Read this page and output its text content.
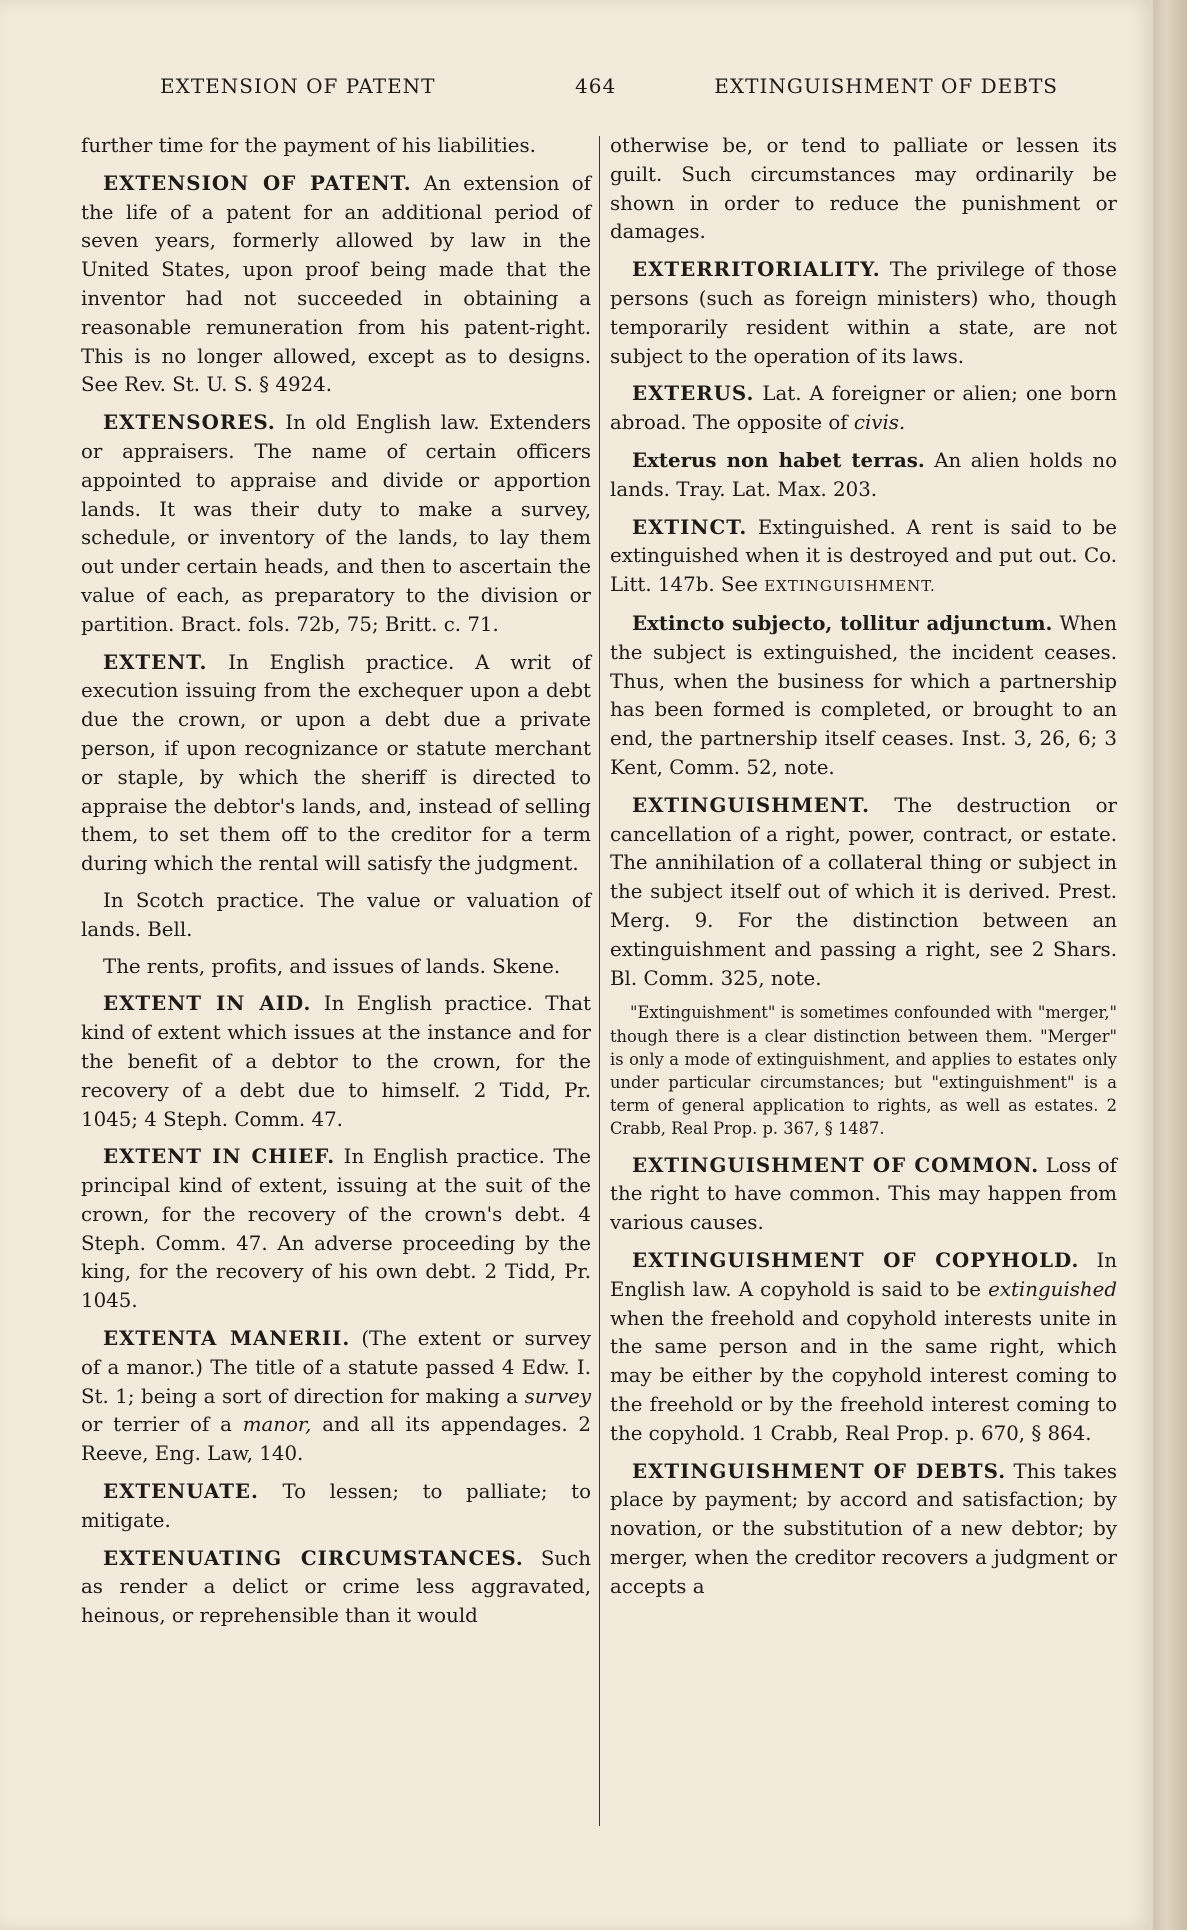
EXTENSION OF PATENT	464	EXTINGUISHMENT OF DEBTS

further time for the payment of his liabilities.

EXTENSION OF PATENT. An extension of the life of a patent for an additional period of seven years, formerly allowed by law in the United States, upon proof being made that the inventor had not succeeded in obtaining a reasonable remuneration from his patent-right. This is no longer allowed, except as to designs. See Rev. St. U. S. § 4924.

EXTENSORES. In old English law. Extenders or appraisers. The name of certain officers appointed to appraise and divide or apportion lands. It was their duty to make a survey, schedule, or inventory of the lands, to lay them out under certain heads, and then to ascertain the value of each, as preparatory to the division or partition. Bract. fols. 72b, 75; Britt. c. 71.

EXTENT. In English practice. A writ of execution issuing from the exchequer upon a debt due the crown, or upon a debt due a private person, if upon recognizance or statute merchant or staple, by which the sheriff is directed to appraise the debtor's lands, and, instead of selling them, to set them off to the creditor for a term during which the rental will satisfy the judgment.

In Scotch practice. The value or valuation of lands. Bell.

The rents, profits, and issues of lands. Skene.

EXTENT IN AID. In English practice. That kind of extent which issues at the instance and for the benefit of a debtor to the crown, for the recovery of a debt due to himself. 2 Tidd, Pr. 1045; 4 Steph. Comm. 47.

EXTENT IN CHIEF. In English practice. The principal kind of extent, issuing at the suit of the crown, for the recovery of the crown's debt. 4 Steph. Comm. 47. An adverse proceeding by the king, for the recovery of his own debt. 2 Tidd, Pr. 1045.

EXTENTA MANERII. (The extent or survey of a manor.) The title of a statute passed 4 Edw. I. St. 1; being a sort of direction for making a survey or terrier of a manor, and all its appendages. 2 Reeve, Eng. Law, 140.

EXTENUATE. To lessen; to palliate; to mitigate.

EXTENUATING CIRCUMSTANCES. Such as render a delict or crime less aggravated, heinous, or reprehensible than it would

otherwise be, or tend to palliate or lessen its guilt. Such circumstances may ordinarily be shown in order to reduce the punishment or damages.

EXTERRITORIALITY. The privilege of those persons (such as foreign ministers) who, though temporarily resident within a state, are not subject to the operation of its laws.

EXTERUS. Lat. A foreigner or alien; one born abroad. The opposite of civis.

Exterus non habet terras. An alien holds no lands. Tray. Lat. Max. 203.

EXTINCT. Extinguished. A rent is said to be extinguished when it is destroyed and put out. Co. Litt. 147b. See EXTINGUISHMENT.

Extincto subjecto, tollitur adjunctum. When the subject is extinguished, the incident ceases. Thus, when the business for which a partnership has been formed is completed, or brought to an end, the partnership itself ceases. Inst. 3, 26, 6; 3 Kent, Comm. 52, note.

EXTINGUISHMENT. The destruction or cancellation of a right, power, contract, or estate. The annihilation of a collateral thing or subject in the subject itself out of which it is derived. Prest. Merg. 9. For the distinction between an extinguishment and passing a right, see 2 Shars. Bl. Comm. 325, note.

"Extinguishment" is sometimes confounded with "merger," though there is a clear distinction between them. "Merger" is only a mode of extinguishment, and applies to estates only under particular circumstances; but "extinguishment" is a term of general application to rights, as well as estates. 2 Crabb, Real Prop. p. 367, § 1487.

EXTINGUISHMENT OF COMMON. Loss of the right to have common. This may happen from various causes.

EXTINGUISHMENT OF COPYHOLD. In English law. A copyhold is said to be extinguished when the freehold and copyhold interests unite in the same person and in the same right, which may be either by the copyhold interest coming to the freehold or by the freehold interest coming to the copyhold. 1 Crabb, Real Prop. p. 670, § 864.

EXTINGUISHMENT OF DEBTS. This takes place by payment; by accord and satisfaction; by novation, or the substitution of a new debtor; by merger, when the creditor recovers a judgment or accepts a
